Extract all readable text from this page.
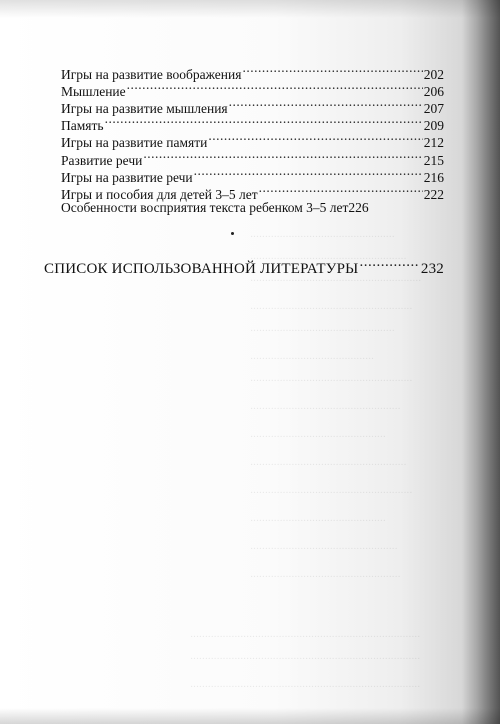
.................................................
.....................................................
..........................................................
.......................................................
.................................................
..........................................
.......................................................
...................................................
..............................................
.....................................................
.......................................................
..............................................
..................................................
...................................................
..............................................................................
..............................................................................
..............................................................................
Игры на развитие воображения .....	202
Мышление .....	206
Игры на развитие мышления .....	207
Память .....	209
Игры на развитие памяти .....	212
Развитие речи .....	215
Игры на развитие речи .....	216
Игры и пособия для детей 3–5 лет .....	222
Особенности восприятия текста ребенком 3–5 лет 226
СПИСОК ИСПОЛЬЗОВАННОЙ ЛИТЕРАТУРЫ .....	232
